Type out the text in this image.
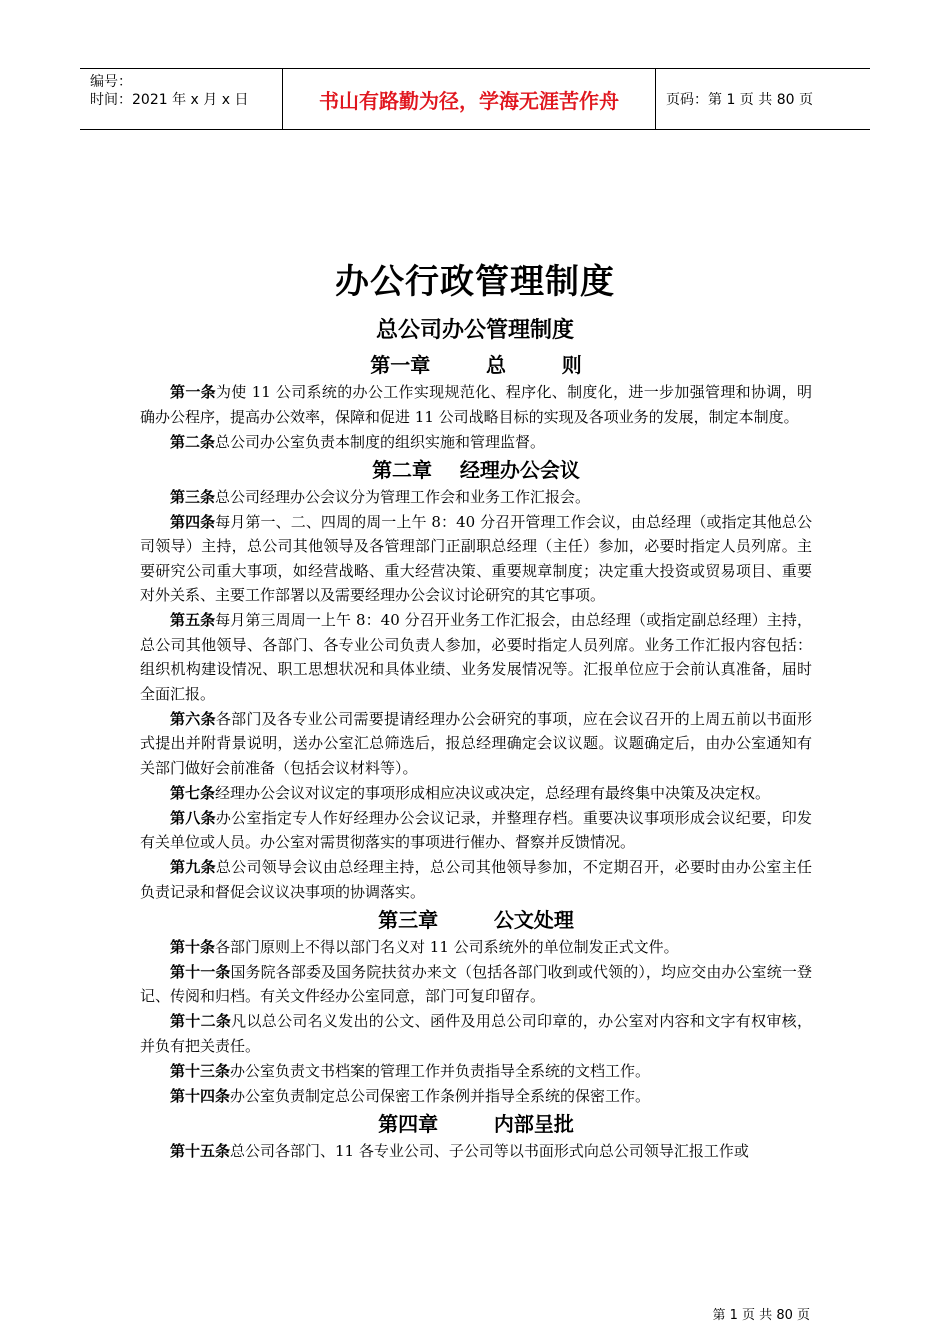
编号：
时间：2021 年 x 月 x 日	书山有路勤为径，学海无涯苦作舟	页码：第 1 页 共 80 页
办公行政管理制度
总公司办公管理制度
第一章        总        则

第一条为使 11 公司系统的办公工作实现规范化、程序化、制度化，进一步加强管理和协调，明确办公程序，提高办公效率，保障和促进 11 公司战略目标的实现及各项业务的发展，制定本制度。

第二条总公司办公室负责本制度的组织实施和管理监督。

第二章    经理办公会议

第三条总公司经理办公会议分为管理工作会和业务工作汇报会。

第四条每月第一、二、四周的周一上午 8：40 分召开管理工作会议，由总经理（或指定其他总公司领导）主持，总公司其他领导及各管理部门正副职总经理（主任）参加，必要时指定人员列席。主要研究公司重大事项，如经营战略、重大经营决策、重要规章制度；决定重大投资或贸易项目、重要对外关系、主要工作部署以及需要经理办公会议讨论研究的其它事项。

第五条每月第三周周一上午 8：40 分召开业务工作汇报会，由总经理（或指定副总经理）主持，总公司其他领导、各部门、各专业公司负责人参加，必要时指定人员列席。业务工作汇报内容包括：组织机构建设情况、职工思想状况和具体业绩、业务发展情况等。汇报单位应于会前认真准备，届时全面汇报。

第六条各部门及各专业公司需要提请经理办公会研究的事项，应在会议召开的上周五前以书面形式提出并附背景说明，送办公室汇总筛选后，报总经理确定会议议题。议题确定后，由办公室通知有关部门做好会前准备（包括会议材料等）。

第七条经理办公会议对议定的事项形成相应决议或决定，总经理有最终集中决策及决定权。

第八条办公室指定专人作好经理办公会议记录，并整理存档。重要决议事项形成会议纪要，印发有关单位或人员。办公室对需贯彻落实的事项进行催办、督察并反馈情况。

第九条总公司领导会议由总经理主持，总公司其他领导参加，不定期召开，必要时由办公室主任负责记录和督促会议议决事项的协调落实。

第三章        公文处理

第十条各部门原则上不得以部门名义对 11 公司系统外的单位制发正式文件。

第十一条国务院各部委及国务院扶贫办来文（包括各部门收到或代领的），均应交由办公室统一登记、传阅和归档。有关文件经办公室同意，部门可复印留存。

第十二条凡以总公司名义发出的公文、函件及用总公司印章的，办公室对内容和文字有权审核，并负有把关责任。

第十三条办公室负责文书档案的管理工作并负责指导全系统的文档工作。

第十四条办公室负责制定总公司保密工作条例并指导全系统的保密工作。

第四章        内部呈批

第十五条总公司各部门、11 各专业公司、子公司等以书面形式向总公司领导汇报工作或

第 1 页 共 80 页
